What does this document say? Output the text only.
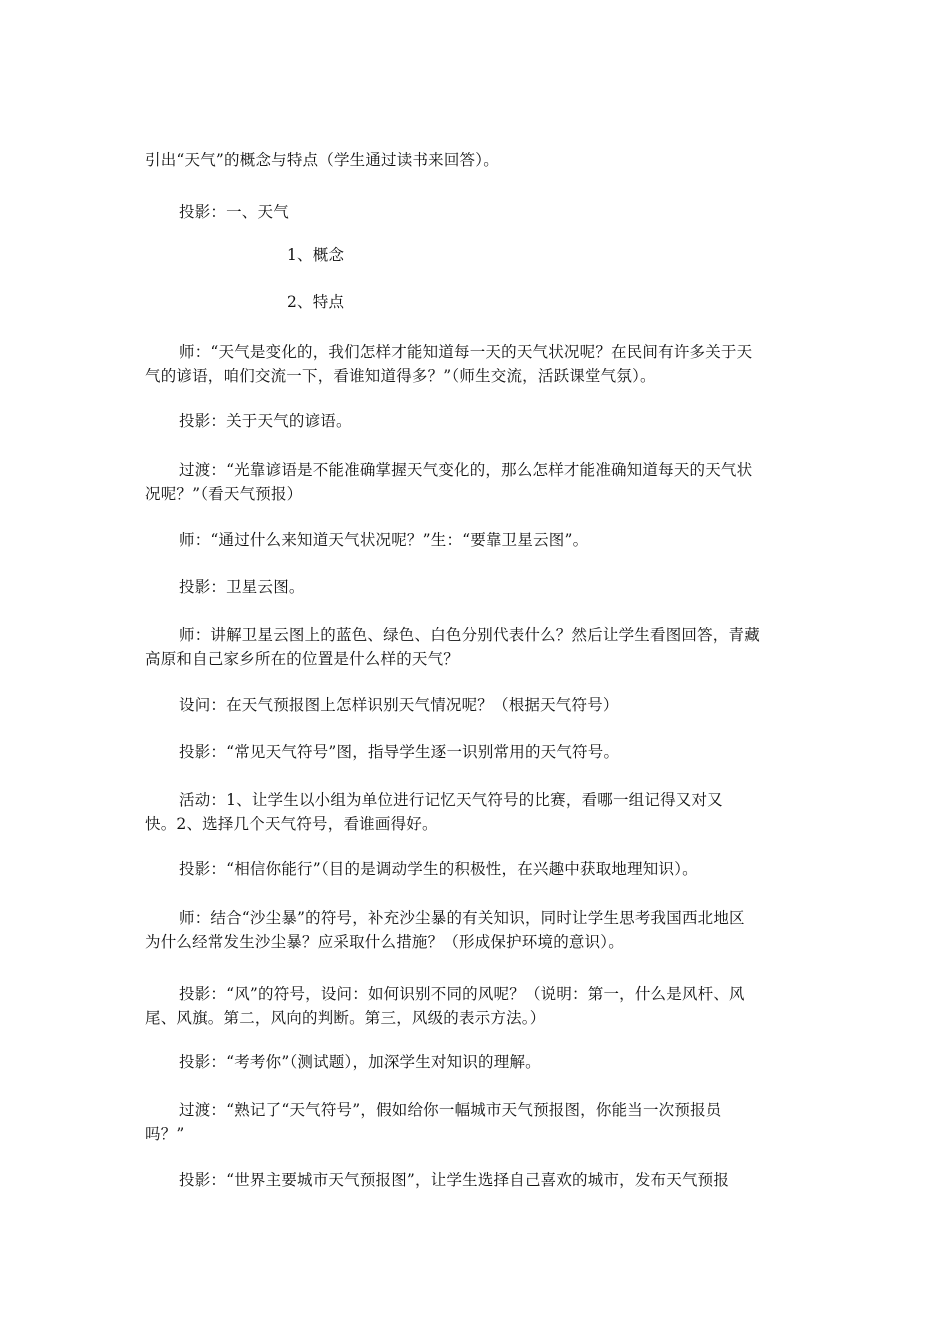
引出“天气”的概念与特点（学生通过读书来回答）。
投影：一、天气
1、概念
2、特点
师：“天气是变化的，我们怎样才能知道每一天的天气状况呢？在民间有许多关于天
气的谚语，咱们交流一下，看谁知道得多？”（师生交流，活跃课堂气氛）。
投影：关于天气的谚语。
过渡：“光靠谚语是不能准确掌握天气变化的，那么怎样才能准确知道每天的天气状
况呢？”（看天气预报）
师：“通过什么来知道天气状况呢？”生：“要靠卫星云图”。
投影：卫星云图。
师：讲解卫星云图上的蓝色、绿色、白色分别代表什么？然后让学生看图回答，青藏
高原和自己家乡所在的位置是什么样的天气？
设问：在天气预报图上怎样识别天气情况呢？（根据天气符号）
投影：“常见天气符号”图，指导学生逐一识别常用的天气符号。
活动：1、让学生以小组为单位进行记忆天气符号的比赛，看哪一组记得又对又
快。2、选择几个天气符号，看谁画得好。
投影：“相信你能行”（目的是调动学生的积极性，在兴趣中获取地理知识）。
师：结合“沙尘暴”的符号，补充沙尘暴的有关知识，同时让学生思考我国西北地区
为什么经常发生沙尘暴？应采取什么措施？（形成保护环境的意识）。
投影：“风”的符号，设问：如何识别不同的风呢？（说明：第一，什么是风杆、风
尾、风旗。第二，风向的判断。第三，风级的表示方法。）
投影：“考考你”（测试题），加深学生对知识的理解。
过渡：“熟记了“天气符号”，假如给你一幅城市天气预报图，你能当一次预报员
吗？”
投影：“世界主要城市天气预报图”，让学生选择自己喜欢的城市，发布天气预报
